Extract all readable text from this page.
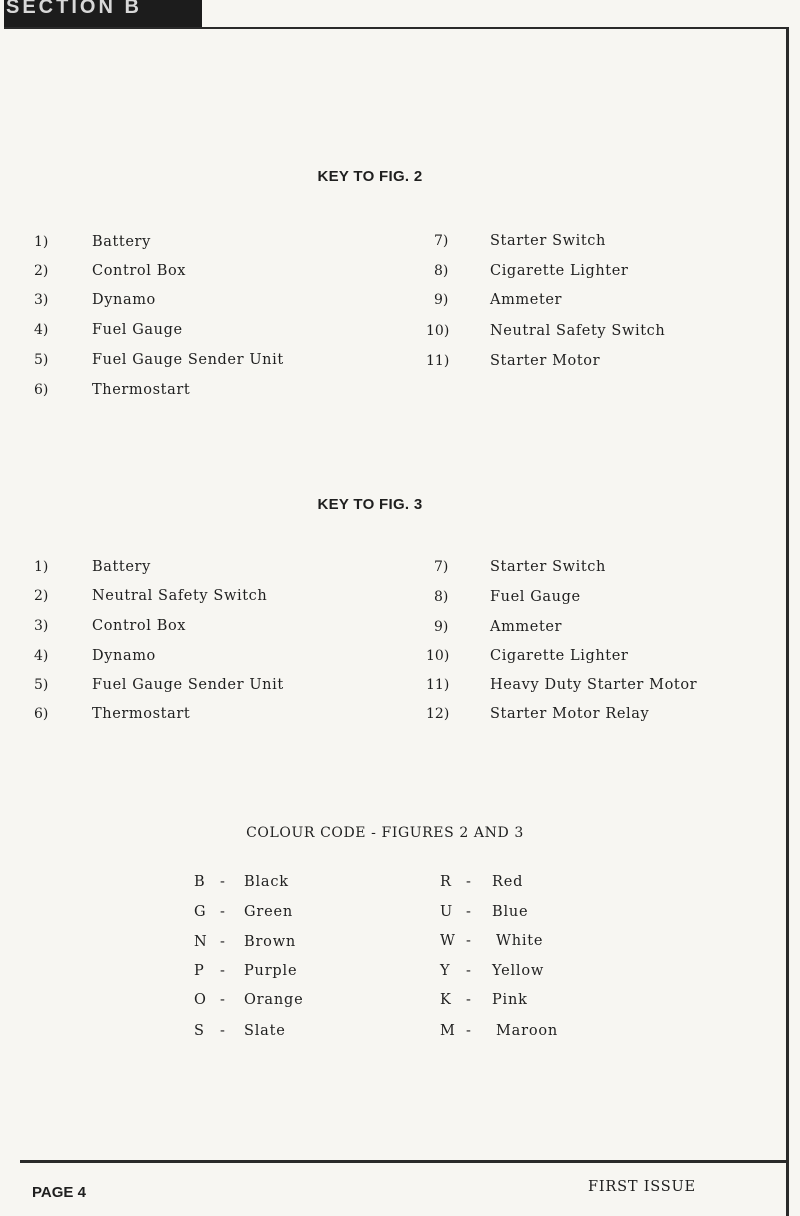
SECTION B
KEY TO FIG. 2
1)	Battery
2)	Control Box
3)	Dynamo
4)	Fuel Gauge
5)	Fuel Gauge Sender Unit
6)	Thermostart
7)	Starter Switch
8)	Cigarette Lighter
9)	Ammeter
10)	Neutral Safety Switch
11)	Starter Motor
KEY TO FIG. 3
1)	Battery
2)	Neutral Safety Switch
3)	Control Box
4)	Dynamo
5)	Fuel Gauge Sender Unit
6)	Thermostart
7)	Starter Switch
8)	Fuel Gauge
9)	Ammeter
10)	Cigarette Lighter
11)	Heavy Duty Starter Motor
12)	Starter Motor Relay
COLOUR CODE - FIGURES 2 AND 3
B - Black
G - Green
N - Brown
P - Purple
O - Orange
S - Slate
R - Red
U - Blue
W - White
Y - Yellow
K - Pink
M - Maroon
PAGE 4	FIRST ISSUE
